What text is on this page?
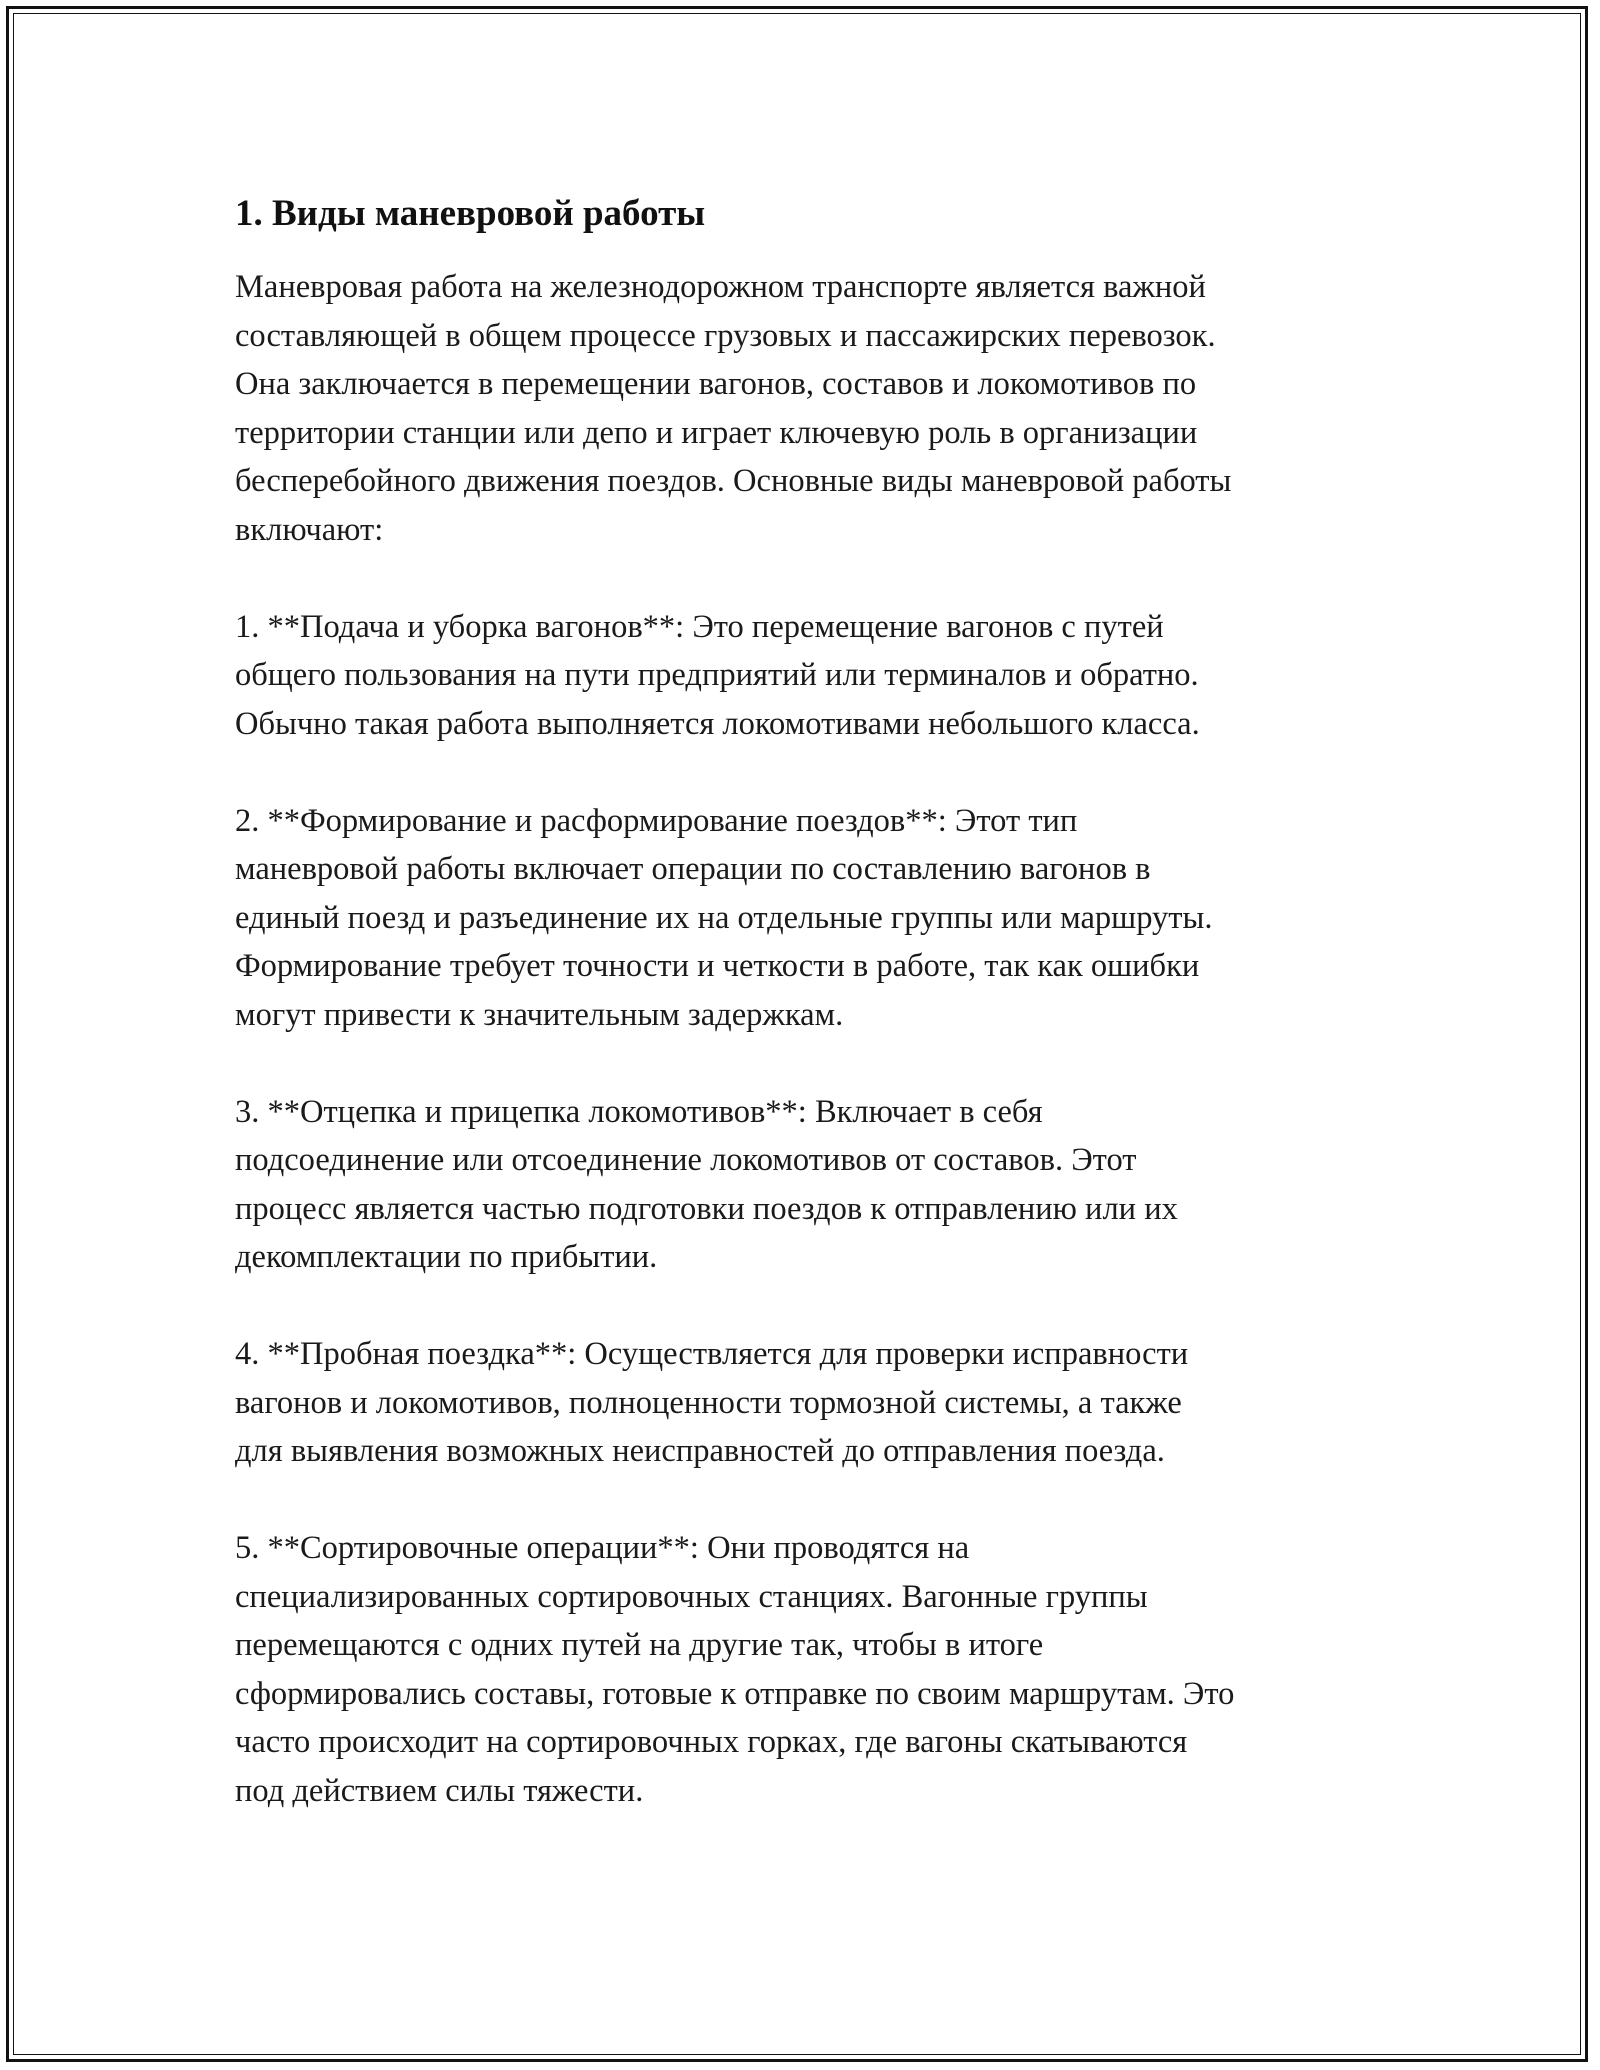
1. Виды маневровой работы

Маневровая работа на железнодорожном транспорте является важной
составляющей в общем процессе грузовых и пассажирских перевозок.
Она заключается в перемещении вагонов, составов и локомотивов по
территории станции или депо и играет ключевую роль в организации
бесперебойного движения поездов. Основные виды маневровой работы
включают:

1. **Подача и уборка вагонов**: Это перемещение вагонов с путей
общего пользования на пути предприятий или терминалов и обратно.
Обычно такая работа выполняется локомотивами небольшого класса.

2. **Формирование и расформирование поездов**: Этот тип
маневровой работы включает операции по составлению вагонов в
единый поезд и разъединение их на отдельные группы или маршруты.
Формирование требует точности и четкости в работе, так как ошибки
могут привести к значительным задержкам.

3. **Отцепка и прицепка локомотивов**: Включает в себя
подсоединение или отсоединение локомотивов от составов. Этот
процесс является частью подготовки поездов к отправлению или их
декомплектации по прибытии.

4. **Пробная поездка**: Осуществляется для проверки исправности
вагонов и локомотивов, полноценности тормозной системы, а также
для выявления возможных неисправностей до отправления поезда.

5. **Сортировочные операции**: Они проводятся на
специализированных сортировочных станциях. Вагонные группы
перемещаются с одних путей на другие так, чтобы в итоге
сформировались составы, готовые к отправке по своим маршрутам. Это
часто происходит на сортировочных горках, где вагоны скатываются
под действием силы тяжести.
